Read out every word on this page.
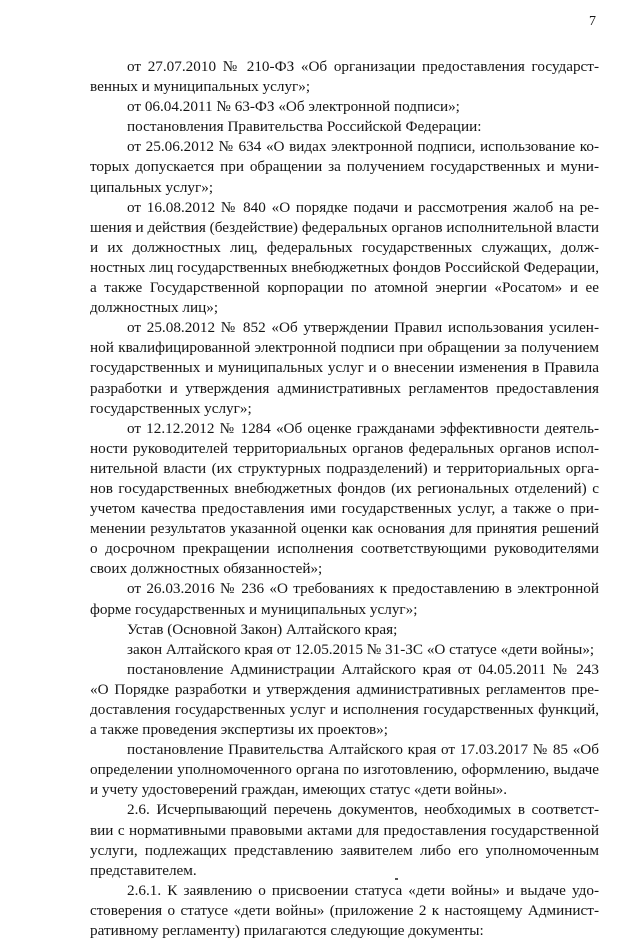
7

от 27.07.2010 № 210-ФЗ «Об организации предоставления государственных и муниципальных услуг»;

от 06.04.2011 № 63-ФЗ «Об электронной подписи»;

постановления Правительства Российской Федерации:

от 25.06.2012 № 634 «О видах электронной подписи, использование которых допускается при обращении за получением государственных и муниципальных услуг»;

от 16.08.2012 № 840 «О порядке подачи и рассмотрения жалоб на решения и действия (бездействие) федеральных органов исполнительной власти и их должностных лиц, федеральных государственных служащих, должностных лиц государственных внебюджетных фондов Российской Федерации, а также Государственной корпорации по атомной энергии «Росатом» и ее должностных лиц»;

от 25.08.2012 № 852 «Об утверждении Правил использования усиленной квалифицированной электронной подписи при обращении за получением государственных и муниципальных услуг и о внесении изменения в Правила разработки и утверждения административных регламентов предоставления государственных услуг»;

от 12.12.2012 № 1284 «Об оценке гражданами эффективности деятельности руководителей территориальных органов федеральных органов исполнительной власти (их структурных подразделений) и территориальных органов государственных внебюджетных фондов (их региональных отделений) с учетом качества предоставления ими государственных услуг, а также о применении результатов указанной оценки как основания для принятия решений о досрочном прекращении исполнения соответствующими руководителями своих должностных обязанностей»;

от 26.03.2016 № 236 «О требованиях к предоставлению в электронной форме государственных и муниципальных услуг»;

Устав (Основной Закон) Алтайского края;

закон Алтайского края от 12.05.2015 № 31-ЗС «О статусе «дети войны»;

постановление Администрации Алтайского края от 04.05.2011 № 243 «О Порядке разработки и утверждения административных регламентов предоставления государственных услуг и исполнения государственных функций, а также проведения экспертизы их проектов»;

постановление Правительства Алтайского края от 17.03.2017 № 85 «Об определении уполномоченного органа по изготовлению, оформлению, выдаче и учету удостоверений граждан, имеющих статус «дети войны».

2.6. Исчерпывающий перечень документов, необходимых в соответствии с нормативными правовыми актами для предоставления государственной услуги, подлежащих представлению заявителем либо его уполномоченным представителем.

2.6.1. К заявлению о присвоении статуса «дети войны» и выдаче удостоверения о статусе «дети войны» (приложение 2 к настоящему Административному регламенту) прилагаются следующие документы:
